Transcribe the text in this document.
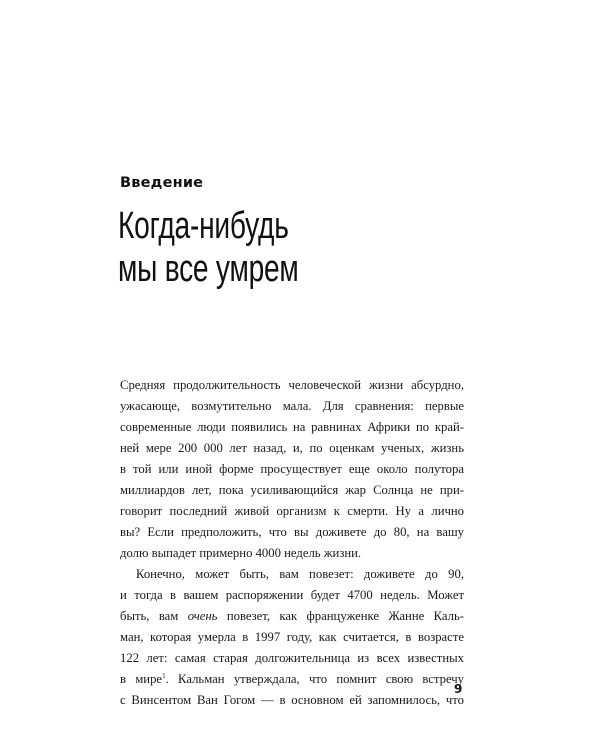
Введение
Когда-нибудь
мы все умрем

Средняя продолжительность человеческой жизни абсурдно,
ужасающе, возмутительно мала. Для сравнения: первые
современные люди появились на равнинах Африки по край-
ней мере 200 000 лет назад, и, по оценкам ученых, жизнь
в той или иной форме просуществует еще около полутора
миллиардов лет, пока усиливающийся жар Солнца не при-
говорит последний живой организм к смерти. Ну а лично
вы? Если предположить, что вы доживете до 80, на вашу
долю выпадет примерно 4000 недель жизни.

Конечно, может быть, вам повезет: доживете до 90,
и тогда в вашем распоряжении будет 4700 недель. Может
быть, вам очень повезет, как француженке Жанне Каль-
ман, которая умерла в 1997 году, как считается, в возрасте
122 лет: самая старая долгожительница из всех известных
в мире$^1$. Кальман утверждала, что помнит свою встречу
с Винсентом Ван Гогом — в основном ей запомнилось, что

9
